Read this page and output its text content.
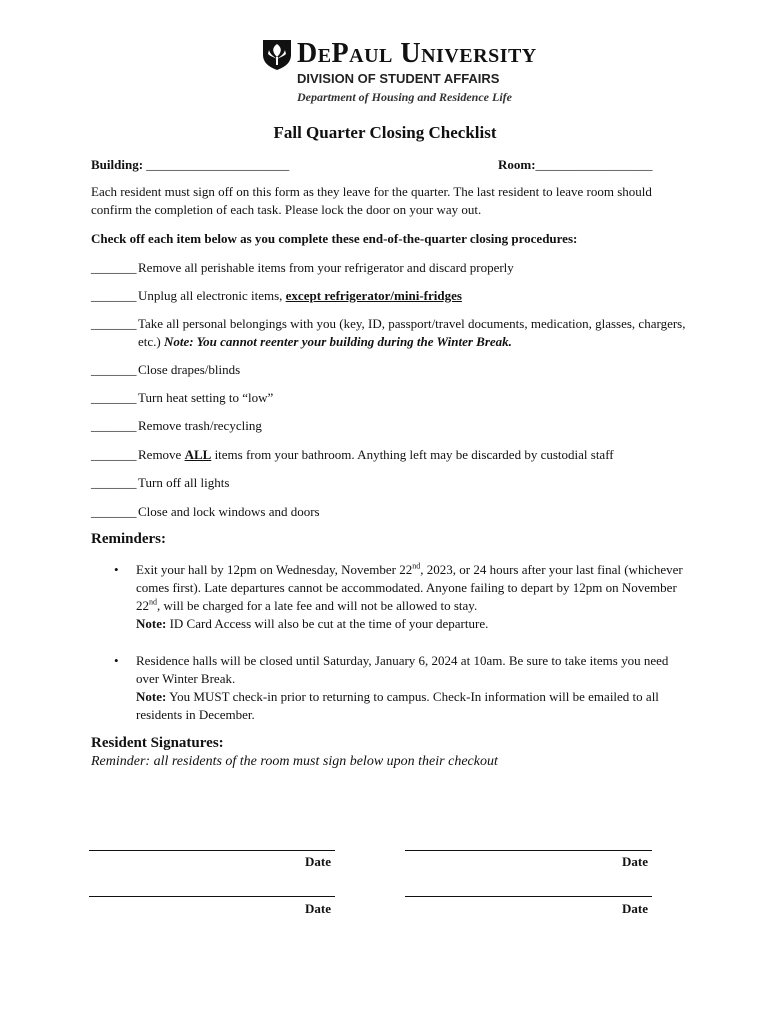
DePaul University
DIVISION OF STUDENT AFFAIRS
Department of Housing and Residence Life
Fall Quarter Closing Checklist
Building: ______________________	Room:__________________
Each resident must sign off on this form as they leave for the quarter. The last resident to leave room should confirm the completion of each task. Please lock the door on your way out.
Check off each item below as you complete these end-of-the-quarter closing procedures:
_______ Remove all perishable items from your refrigerator and discard properly
_______ Unplug all electronic items, except refrigerator/mini-fridges
_______ Take all personal belongings with you (key, ID, passport/travel documents, medication, glasses, chargers, etc.) Note: You cannot reenter your building during the Winter Break.
_______ Close drapes/blinds
_______ Turn heat setting to “low”
_______ Remove trash/recycling
_______ Remove ALL items from your bathroom. Anything left may be discarded by custodial staff
_______ Turn off all lights
_______ Close and lock windows and doors
Reminders:
•	Exit your hall by 12pm on Wednesday, November 22nd, 2023, or 24 hours after your last final (whichever comes first). Late departures cannot be accommodated. Anyone failing to depart by 12pm on November 22nd, will be charged for a late fee and will not be allowed to stay.
Note: ID Card Access will also be cut at the time of your departure.
•	Residence halls will be closed until Saturday, January 6, 2024 at 10am. Be sure to take items you need over Winter Break.
Note: You MUST check-in prior to returning to campus. Check-In information will be emailed to all residents in December.
Resident Signatures:
Reminder: all residents of the room must sign below upon their checkout
Date	Date
Date	Date
